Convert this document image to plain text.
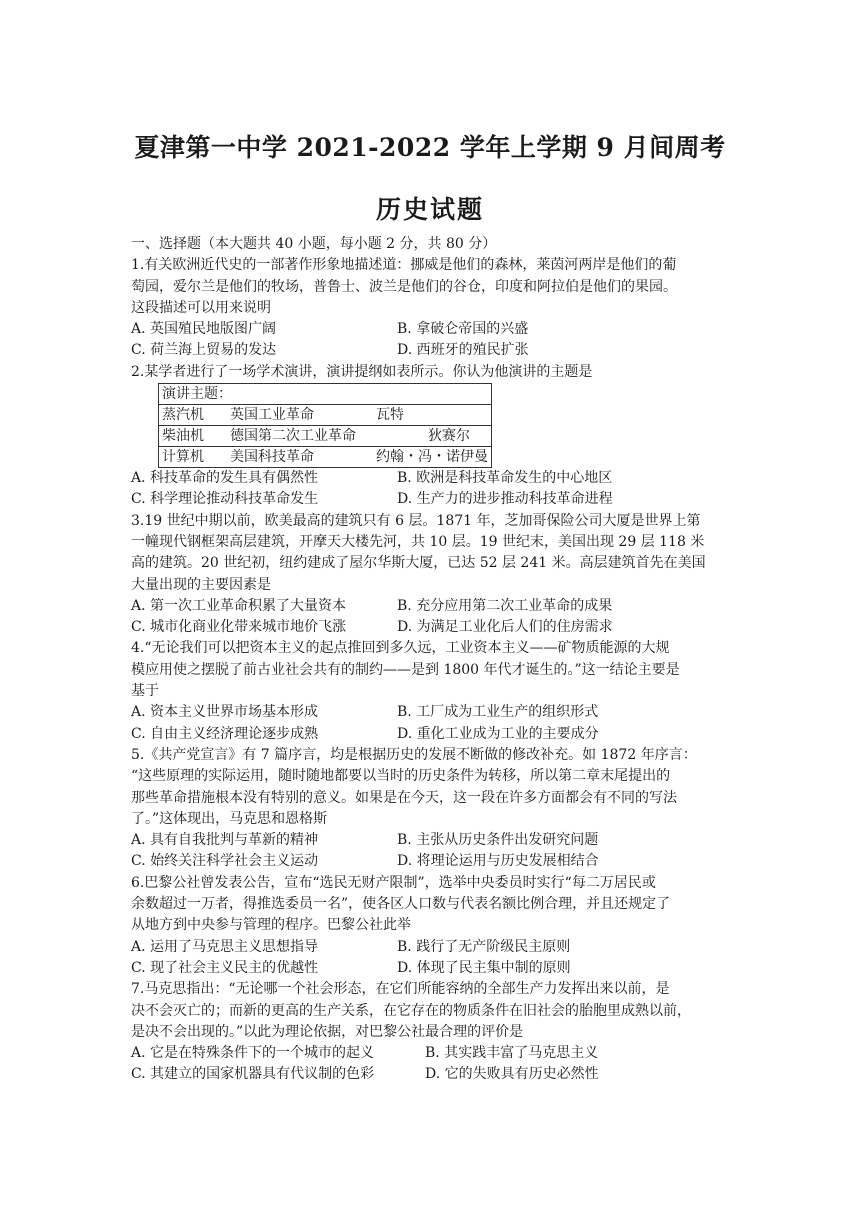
夏津第一中学 2021-2022 学年上学期 9 月间周考
历史试题
一、选择题（本大题共 40 小题，每小题 2 分，共 80 分）
1.有关欧洲近代史的一部著作形象地描述道：挪威是他们的森林，莱茵河两岸是他们的葡
萄园，爱尔兰是他们的牧场，普鲁士、波兰是他们的谷仓，印度和阿拉伯是他们的果园。
这段描述可以用来说明
A. 英国殖民地版图广阔	B. 拿破仑帝国的兴盛
C. 荷兰海上贸易的发达	D. 西班牙的殖民扩张
2.某学者进行了一场学术演讲，演讲提纲如表所示。你认为他演讲的主题是
演讲主题：
蒸汽机 英国工业革命	瓦特
柴油机 德国第二次工业革命	狄赛尔
计算机 美国科技革命	约翰・冯・诺伊曼
A. 科技革命的发生具有偶然性	B. 欧洲是科技革命发生的中心地区
C. 科学理论推动科技革命发生	D. 生产力的进步推动科技革命进程
3.19 世纪中期以前，欧美最高的建筑只有 6 层。1871 年，芝加哥保险公司大厦是世界上第
一幢现代钢框架高层建筑，开摩天大楼先河，共 10 层。19 世纪末，美国出现 29 层 118 米
高的建筑。20 世纪初，纽约建成了屋尔华斯大厦，已达 52 层 241 米。高层建筑首先在美国
大量出现的主要因素是
A. 第一次工业革命积累了大量资本	B. 充分应用第二次工业革命的成果
C. 城市化商业化带来城市地价飞涨	D. 为满足工业化后人们的住房需求
4.“无论我们可以把资本主义的起点推回到多久远，工业资本主义——矿物质能源的大规
模应用使之摆脱了前古业社会共有的制约——是到 1800 年代才诞生的。”这一结论主要是
基于
A. 资本主义世界市场基本形成	B. 工厂成为工业生产的组织形式
C. 自由主义经济理论逐步成熟	D. 重化工业成为工业的主要成分
5.《共产党宣言》有 7 篇序言，均是根据历史的发展不断做的修改补充。如 1872 年序言：
“这些原理的实际运用，随时随地都要以当时的历史条件为转移，所以第二章末尾提出的
那些革命措施根本没有特别的意义。如果是在今天，这一段在许多方面都会有不同的写法
了。”这体现出，马克思和恩格斯
A. 具有自我批判与革新的精神	B. 主张从历史条件出发研究问题
C. 始终关注科学社会主义运动	D. 将理论运用与历史发展相结合
6.巴黎公社曾发表公告，宣布“选民无财产限制”，选举中央委员时实行“每二万居民或
余数超过一万者，得推选委员一名”，使各区人口数与代表名额比例合理，并且还规定了
从地方到中央参与管理的程序。巴黎公社此举
A. 运用了马克思主义思想指导	B. 践行了无产阶级民主原则
C. 现了社会主义民主的优越性	D. 体现了民主集中制的原则
7.马克思指出：“无论哪一个社会形态，在它们所能容纳的全部生产力发挥出来以前，是
决不会灭亡的；而新的更高的生产关系，在它存在的物质条件在旧社会的胎胞里成熟以前，
是决不会出现的。”以此为理论依据，对巴黎公社最合理的评价是
A. 它是在特殊条件下的一个城市的起义	B. 其实践丰富了马克思主义
C. 其建立的国家机器具有代议制的色彩	D. 它的失败具有历史必然性
